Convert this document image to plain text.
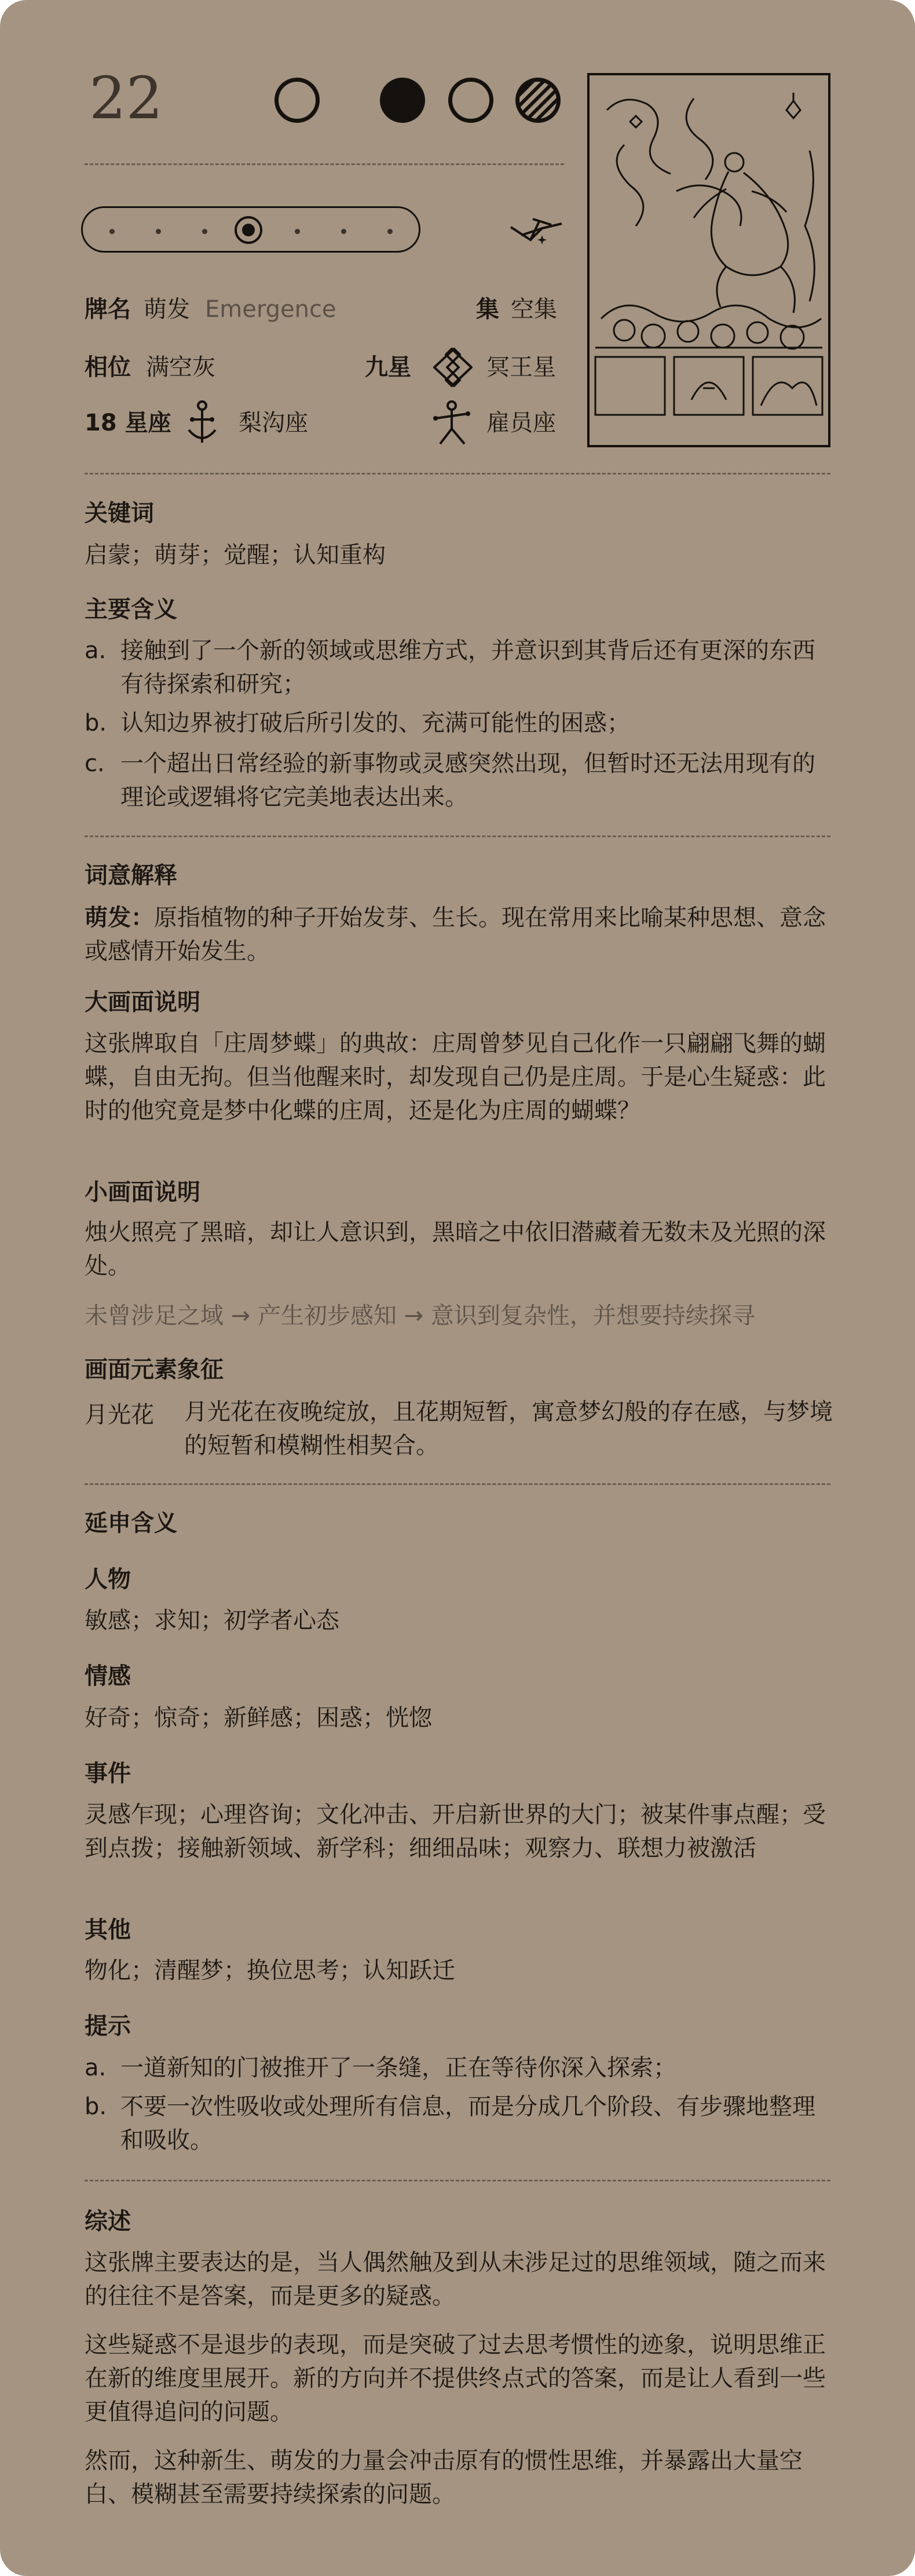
22
牌名 萌发 Emergence	集 空集
相位 满空灰	九星	冥王星
18 星座	梨沟座	雇员座
关键词
启蒙；萌芽；觉醒；认知重构
主要含义
a. 接触到了一个新的领域或思维方式，并意识到其背后还有更深的东西有待探索和研究；
b. 认知边界被打破后所引发的、充满可能性的困惑；
c. 一个超出日常经验的新事物或灵感突然出现，但暂时还无法用现有的理论或逻辑将它完美地表达出来。
词意解释
萌发：原指植物的种子开始发芽、生长。现在常用来比喻某种思想、意念或感情开始发生。
大画面说明
这张牌取自「庄周梦蝶」的典故：庄周曾梦见自己化作一只翩翩飞舞的蝴蝶，自由无拘。但当他醒来时，却发现自己仍是庄周。于是心生疑惑：此时的他究竟是梦中化蝶的庄周，还是化为庄周的蝴蝶？
小画面说明
烛火照亮了黑暗，却让人意识到，黑暗之中依旧潜藏着无数未及光照的深处。
未曾涉足之域 → 产生初步感知 → 意识到复杂性，并想要持续探寻
画面元素象征
月光花 月光花在夜晚绽放，且花期短暂，寓意梦幻般的存在感，与梦境的短暂和模糊性相契合。
延申含义
人物
敏感；求知；初学者心态
情感
好奇；惊奇；新鲜感；困惑；恍惚
事件
灵感乍现；心理咨询；文化冲击、开启新世界的大门；被某件事点醒；受到点拨；接触新领域、新学科；细细品味；观察力、联想力被激活
其他
物化；清醒梦；换位思考；认知跃迁
提示
a. 一道新知的门被推开了一条缝，正在等待你深入探索；
b. 不要一次性吸收或处理所有信息，而是分成几个阶段、有步骤地整理和吸收。
综述
这张牌主要表达的是，当人偶然触及到从未涉足过的思维领域，随之而来的往往不是答案，而是更多的疑惑。
这些疑惑不是退步的表现，而是突破了过去思考惯性的迹象，说明思维正在新的维度里展开。新的方向并不提供终点式的答案，而是让人看到一些更值得追问的问题。
然而，这种新生、萌发的力量会冲击原有的惯性思维，并暴露出大量空白、模糊甚至需要持续探索的问题。
